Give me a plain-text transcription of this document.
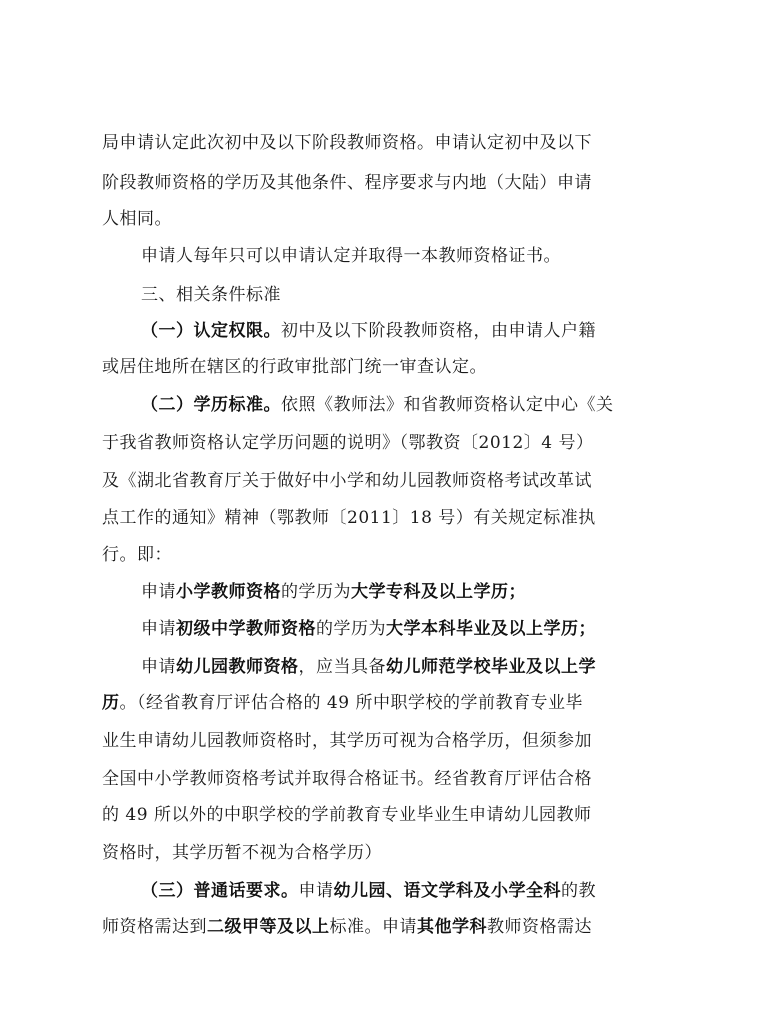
局申请认定此次初中及以下阶段教师资格。申请认定初中及以下
阶段教师资格的学历及其他条件、程序要求与内地（大陆）申请
人相同。
申请人每年只可以申请认定并取得一本教师资格证书。
三、相关条件标准
（一）认定权限。初中及以下阶段教师资格，由申请人户籍
或居住地所在辖区的行政审批部门统一审查认定。
（二）学历标准。依照《教师法》和省教师资格认定中心《关
于我省教师资格认定学历问题的说明》（鄂教资〔2012〕4 号）
及《湖北省教育厅关于做好中小学和幼儿园教师资格考试改革试
点工作的通知》精神（鄂教师〔2011〕18 号）有关规定标准执
行。即：
申请小学教师资格的学历为大学专科及以上学历；
申请初级中学教师资格的学历为大学本科毕业及以上学历；
申请幼儿园教师资格，应当具备幼儿师范学校毕业及以上学
历。（经省教育厅评估合格的 49 所中职学校的学前教育专业毕
业生申请幼儿园教师资格时，其学历可视为合格学历，但须参加
全国中小学教师资格考试并取得合格证书。经省教育厅评估合格
的 49 所以外的中职学校的学前教育专业毕业生申请幼儿园教师
资格时，其学历暂不视为合格学历）
（三）普通话要求。申请幼儿园、语文学科及小学全科的教
师资格需达到二级甲等及以上标准。申请其他学科教师资格需达
